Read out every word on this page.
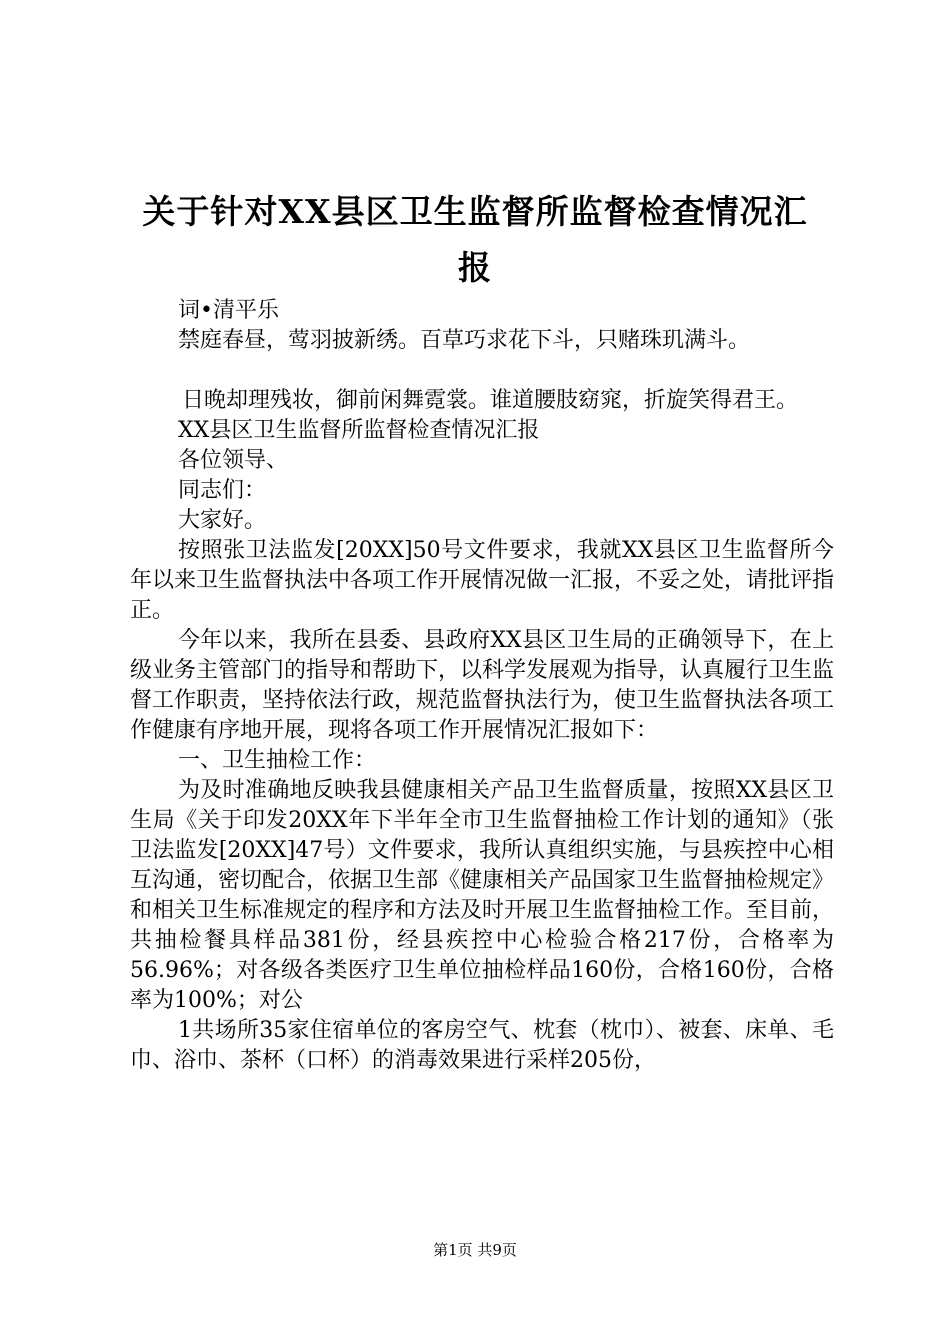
关于针对XX县区卫生监督所监督检查情况汇
报

词•清平乐

禁庭春昼，莺羽披新绣。百草巧求花下斗，只赌珠玑满斗。

日晚却理残妆，御前闲舞霓裳。谁道腰肢窈窕，折旋笑得君王。

XX县区卫生监督所监督检查情况汇报

各位领导、

同志们：

大家好。

按照张卫法监发[20XX]50号文件要求，我就XX县区卫生监督所今年以来卫生监督执法中各项工作开展情况做一汇报，不妥之处，请批评指正。

今年以来，我所在县委、县政府XX县区卫生局的正确领导下，在上级业务主管部门的指导和帮助下，以科学发展观为指导，认真履行卫生监督工作职责，坚持依法行政，规范监督执法行为，使卫生监督执法各项工作健康有序地开展，现将各项工作开展情况汇报如下：

一、卫生抽检工作：

为及时准确地反映我县健康相关产品卫生监督质量，按照XX县区卫生局《关于印发20XX年下半年全市卫生监督抽检工作计划的通知》（张卫法监发[20XX]47号）文件要求，我所认真组织实施，与县疾控中心相互沟通，密切配合，依据卫生部《健康相关产品国家卫生监督抽检规定》和相关卫生标准规定的程序和方法及时开展卫生监督抽检工作。至目前，共抽检餐具样品381份，经县疾控中心检验合格217份，合格率为56.96%；对各级各类医疗卫生单位抽检样品160份，合格160份，合格率为100%；对公

1共场所35家住宿单位的客房空气、枕套（枕巾）、被套、床单、毛巾、浴巾、茶杯（口杯）的消毒效果进行采样205份，

第1页 共9页
